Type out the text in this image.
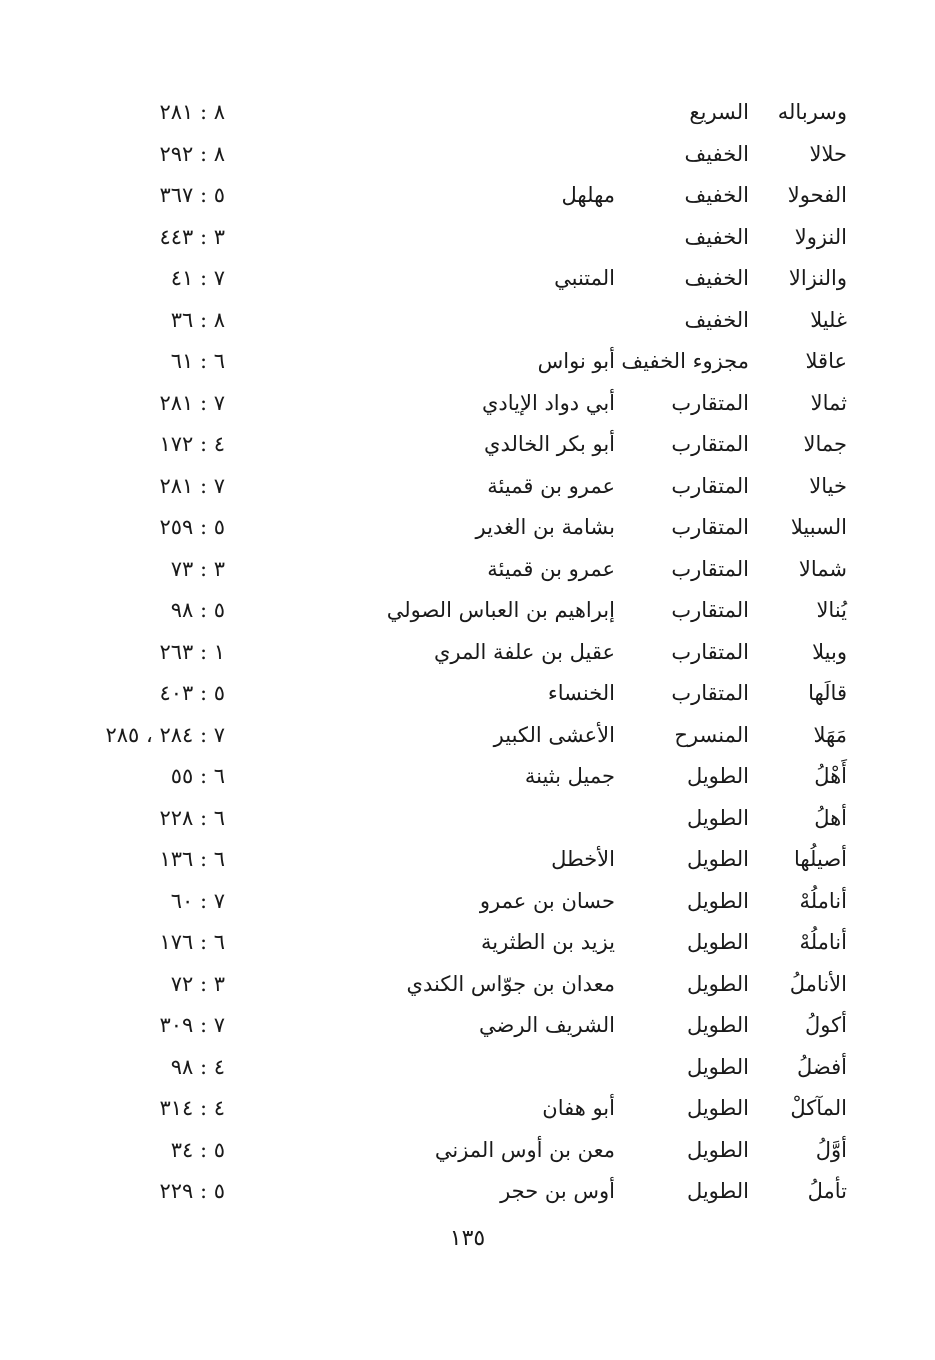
وسرباله
السريع
٨ : ٢٨١
حلالا
الخفيف
٨ : ٢٩٢
الفحولا
الخفيف
مهلهل
٥ : ٣٦٧
النزولا
الخفيف
٣ : ٤٤٣
والنزالا
الخفيف
المتنبي
٧ : ٤١
غليلا
الخفيف
٨ : ٣٦
عاقلا
مجزوء الخفيف
أبو نواس
٦ : ٦١
ثمالا
المتقارب
أبي دواد الإيادي
٧ : ٢٨١
جمالا
المتقارب
أبو بكر الخالدي
٤ : ١٧٢
خيالا
المتقارب
عمرو بن قميئة
٧ : ٢٨١
السبيلا
المتقارب
بشامة بن الغدير
٥ : ٢٥٩
شمالا
المتقارب
عمرو بن قميئة
٣ : ٧٣
يُنالا
المتقارب
إبراهيم بن العباس الصولي
٥ : ٩٨
وبيلا
المتقارب
عقيل بن علفة المري
١ : ٢٦٣
قالَها
المتقارب
الخنساء
٥ : ٤٠٣
مَهَلا
المنسرح
الأعشى الكبير
٧ : ٢٨٤ ، ٢٨٥
أَهْلُ
الطويل
جميل بثينة
٦ : ٥٥
أهلُ
الطويل
٦ : ٢٢٨
أصيلُها
الطويل
الأخطل
٦ : ١٣٦
أناملُهْ
الطويل
حسان بن عمرو
٧ : ٦٠
أناملُهْ
الطويل
يزيد بن الطثرية
٦ : ١٧٦
الأناملُ
الطويل
معدان بن جوّاس الكندي
٣ : ٧٢
أكولُ
الطويل
الشريف الرضي
٧ : ٣٠٩
أفضلُ
الطويل
٤ : ٩٨
المآكلْ
الطويل
أبو هفان
٤ : ٣١٤
أوَّلُ
الطويل
معن بن أوس المزني
٥ : ٣٤
تأملُ
الطويل
أوس بن حجر
٥ : ٢٢٩
١٣٥
